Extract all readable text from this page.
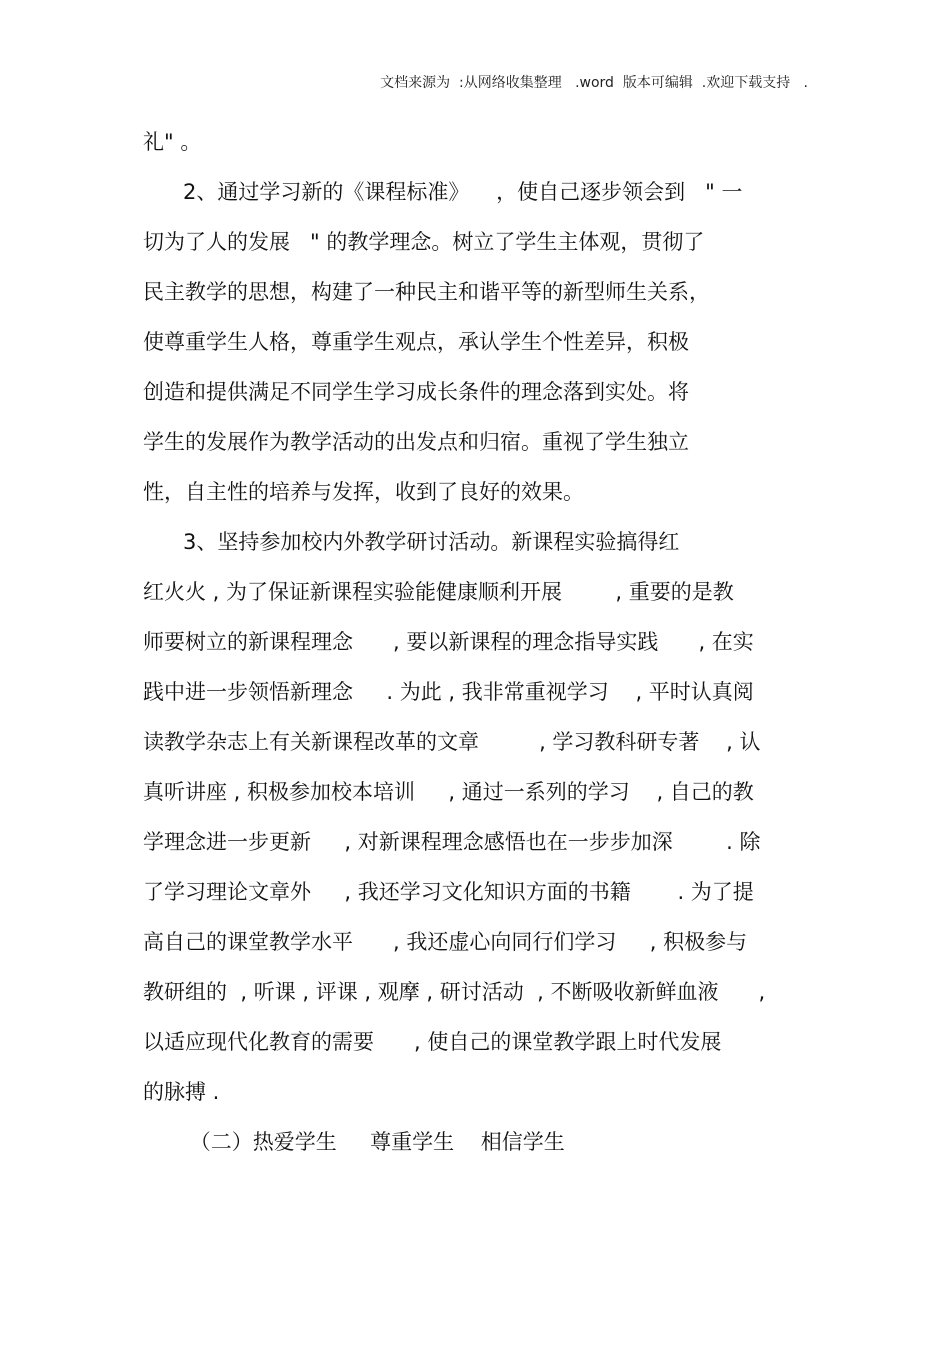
文档来源为  :从网络收集整理   .word  版本可编辑  .欢迎下载支持   .
礼" 。
2、通过学习新的《课程标准》    ，使自己逐步领会到   " 一
切为了人的发展   " 的教学理念。树立了学生主体观，贯彻了
民主教学的思想，构建了一种民主和谐平等的新型师生关系，
使尊重学生人格，尊重学生观点，承认学生个性差异，积极
创造和提供满足不同学生学习成长条件的理念落到实处。将
学生的发展作为教学活动的出发点和归宿。重视了学生独立
性，自主性的培养与发挥，收到了良好的效果。
3、坚持参加校内外教学研讨活动。新课程实验搞得红
红火火 , 为了保证新课程实验能健康顺利开展        , 重要的是教
师要树立的新课程理念      , 要以新课程的理念指导实践      , 在实
践中进一步领悟新理念     . 为此 , 我非常重视学习    , 平时认真阅
读教学杂志上有关新课程改革的文章         , 学习教科研专著    , 认
真听讲座 , 积极参加校本培训     , 通过一系列的学习    , 自己的教
学理念进一步更新     , 对新课程理念感悟也在一步步加深        . 除
了学习理论文章外     , 我还学习文化知识方面的书籍       . 为了提
高自己的课堂教学水平      , 我还虚心向同行们学习     , 积极参与
教研组的  , 听课 , 评课 , 观摩 , 研讨活动  , 不断吸收新鲜血液      ,
以适应现代化教育的需要      , 使自己的课堂教学跟上时代发展
的脉搏 .
（二）热爱学生     尊重学生    相信学生
